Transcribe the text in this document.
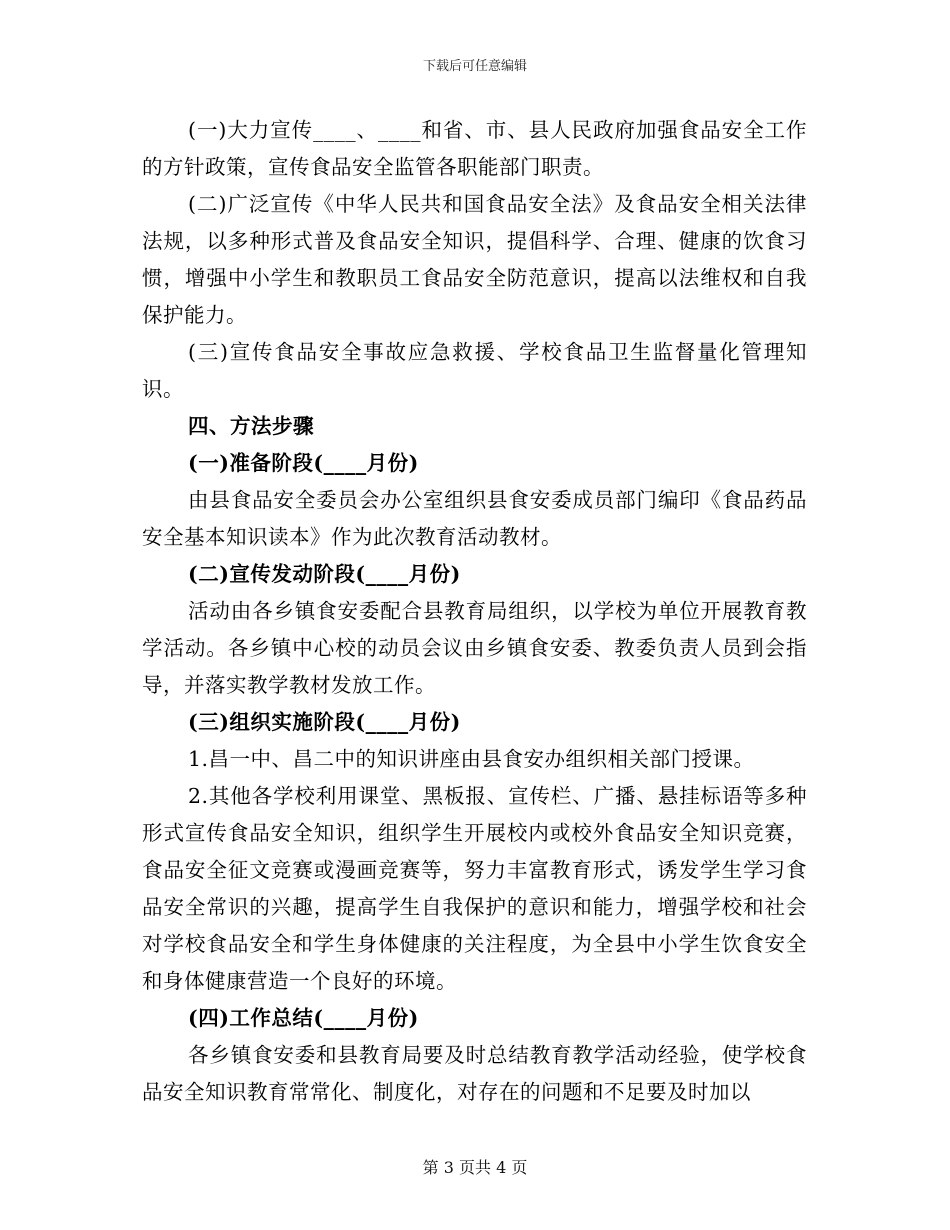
下载后可任意编辑

(一)大力宣传____、____和省、市、县人民政府加强食品安全工作的方针政策，宣传食品安全监管各职能部门职责。

(二)广泛宣传《中华人民共和国食品安全法》及食品安全相关法律法规，以多种形式普及食品安全知识，提倡科学、合理、健康的饮食习惯，增强中小学生和教职员工食品安全防范意识，提高以法维权和自我保护能力。

(三)宣传食品安全事故应急救援、学校食品卫生监督量化管理知识。

四、方法步骤

(一)准备阶段(____月份)

由县食品安全委员会办公室组织县食安委成员部门编印《食品药品安全基本知识读本》作为此次教育活动教材。

(二)宣传发动阶段(____月份)

活动由各乡镇食安委配合县教育局组织，以学校为单位开展教育教学活动。各乡镇中心校的动员会议由乡镇食安委、教委负责人员到会指导，并落实教学教材发放工作。

(三)组织实施阶段(____月份)

1.昌一中、昌二中的知识讲座由县食安办组织相关部门授课。

2.其他各学校利用课堂、黑板报、宣传栏、广播、悬挂标语等多种形式宣传食品安全知识，组织学生开展校内或校外食品安全知识竞赛，食品安全征文竞赛或漫画竞赛等，努力丰富教育形式，诱发学生学习食品安全常识的兴趣，提高学生自我保护的意识和能力，增强学校和社会对学校食品安全和学生身体健康的关注程度，为全县中小学生饮食安全和身体健康营造一个良好的环境。

(四)工作总结(____月份)

各乡镇食安委和县教育局要及时总结教育教学活动经验，使学校食品安全知识教育常常化、制度化，对存在的问题和不足要及时加以

第 3 页共 4 页
